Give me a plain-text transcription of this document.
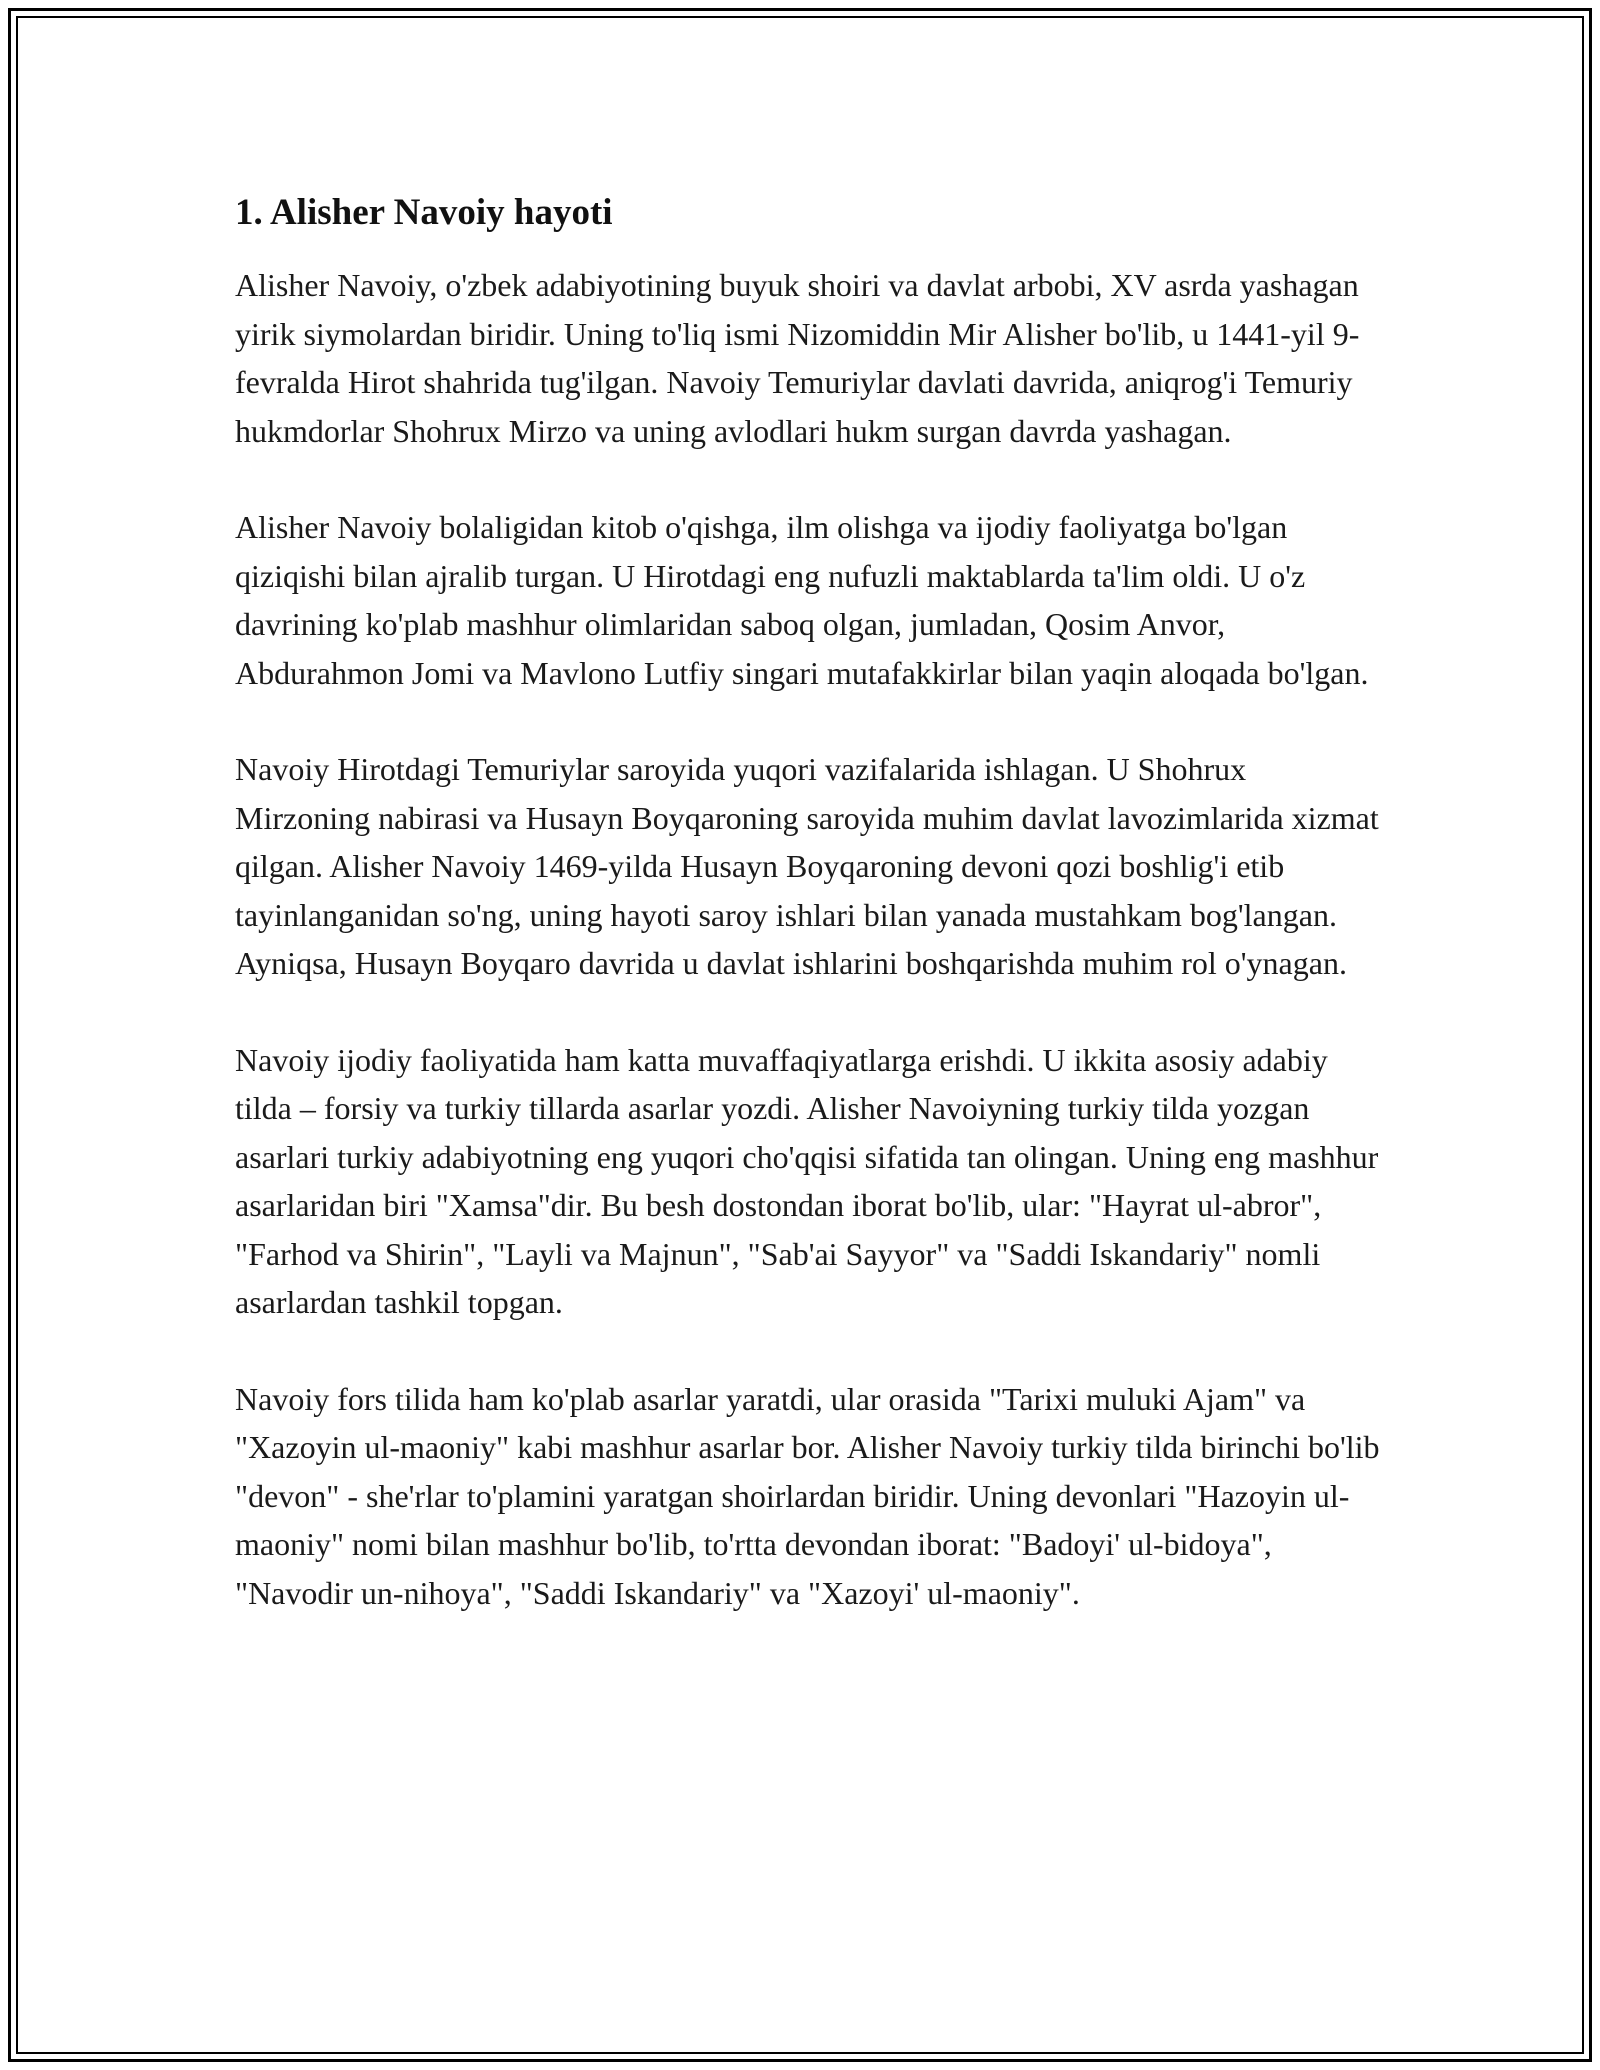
1. Alisher Navoiy hayoti

Alisher Navoiy, o'zbek adabiyotining buyuk shoiri va davlat arbobi, XV asrda yashagan yirik siymolardan biridir. Uning to'liq ismi Nizomiddin Mir Alisher bo'lib, u 1441-yil 9-fevralda Hirot shahrida tug'ilgan. Navoiy Temuriylar davlati davrida, aniqrog'i Temuriy hukmdorlar Shohrux Mirzo va uning avlodlari hukm surgan davrda yashagan.

Alisher Navoiy bolaligidan kitob o'qishga, ilm olishga va ijodiy faoliyatga bo'lgan qiziqishi bilan ajralib turgan. U Hirotdagi eng nufuzli maktablarda ta'lim oldi. U o'z davrining ko'plab mashhur olimlaridan saboq olgan, jumladan, Qosim Anvor, Abdurahmon Jomi va Mavlono Lutfiy singari mutafakkirlar bilan yaqin aloqada bo'lgan.

Navoiy Hirotdagi Temuriylar saroyida yuqori vazifalarida ishlagan. U Shohrux Mirzoning nabirasi va Husayn Boyqaroning saroyida muhim davlat lavozimlarida xizmat qilgan. Alisher Navoiy 1469-yilda Husayn Boyqaroning devoni qozi boshlig'i etib tayinlanganidan so'ng, uning hayoti saroy ishlari bilan yanada mustahkam bog'langan. Ayniqsa, Husayn Boyqaro davrida u davlat ishlarini boshqarishda muhim rol o'ynagan.

Navoiy ijodiy faoliyatida ham katta muvaffaqiyatlarga erishdi. U ikkita asosiy adabiy tilda – forsiy va turkiy tillarda asarlar yozdi. Alisher Navoiyning turkiy tilda yozgan asarlari turkiy adabiyotning eng yuqori cho'qqisi sifatida tan olingan. Uning eng mashhur asarlaridan biri "Xamsa"dir. Bu besh dostondan iborat bo'lib, ular: "Hayrat ul-abror", "Farhod va Shirin", "Layli va Majnun", "Sab'ai Sayyor" va "Saddi Iskandariy" nomli asarlardan tashkil topgan.

Navoiy fors tilida ham ko'plab asarlar yaratdi, ular orasida "Tarixi muluki Ajam" va "Xazoyin ul-maoniy" kabi mashhur asarlar bor. Alisher Navoiy turkiy tilda birinchi bo'lib "devon" - she'rlar to'plamini yaratgan shoirlardan biridir. Uning devonlari "Hazoyin ul-maoniy" nomi bilan mashhur bo'lib, to'rtta devondan iborat: "Badoyi' ul-bidoya", "Navodir un-nihoya", "Saddi Iskandariy" va "Xazoyi' ul-maoniy".
